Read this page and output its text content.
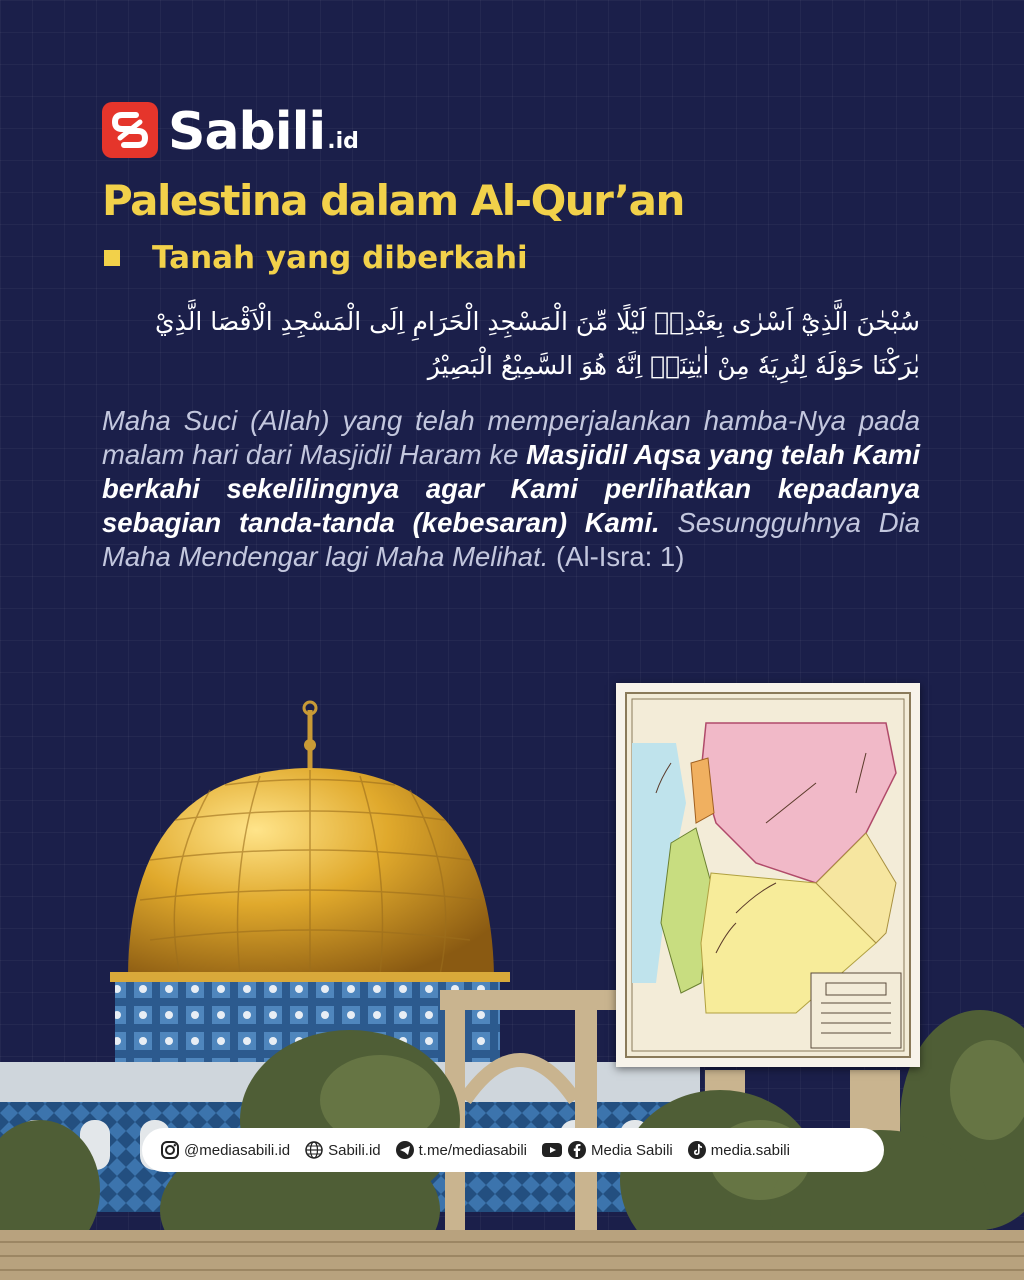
Sabili .id
Palestina dalam Al-Qur’an
Tanah yang diberkahi
سُبْحٰنَ الَّذِيْٓ اَسْرٰى بِعَبْدِهٖ لَيْلًا مِّنَ الْمَسْجِدِ الْحَرَامِ اِلَى الْمَسْجِدِ الْاَقْصَا الَّذِيْ بٰرَكْنَا حَوْلَهٗ لِنُرِيَهٗ مِنْ اٰيٰتِنَاۗ اِنَّهٗ هُوَ السَّمِيْعُ الْبَصِيْرُ

Maha Suci (Allah) yang telah memperjalankan hamba-Nya pada malam hari dari Masjidil Haram ke Masjidil Aqsa yang telah Kami berkahi sekelilingnya agar Kami perlihatkan kepadanya sebagian tanda-tanda (kebesaran) Kami. Sesungguhnya Dia Maha Mendengar lagi Maha Melihat. (Al-Isra: 1)

@mediasabili.id	Sabili.id	t.me/mediasabili	Media Sabili	media.sabili
